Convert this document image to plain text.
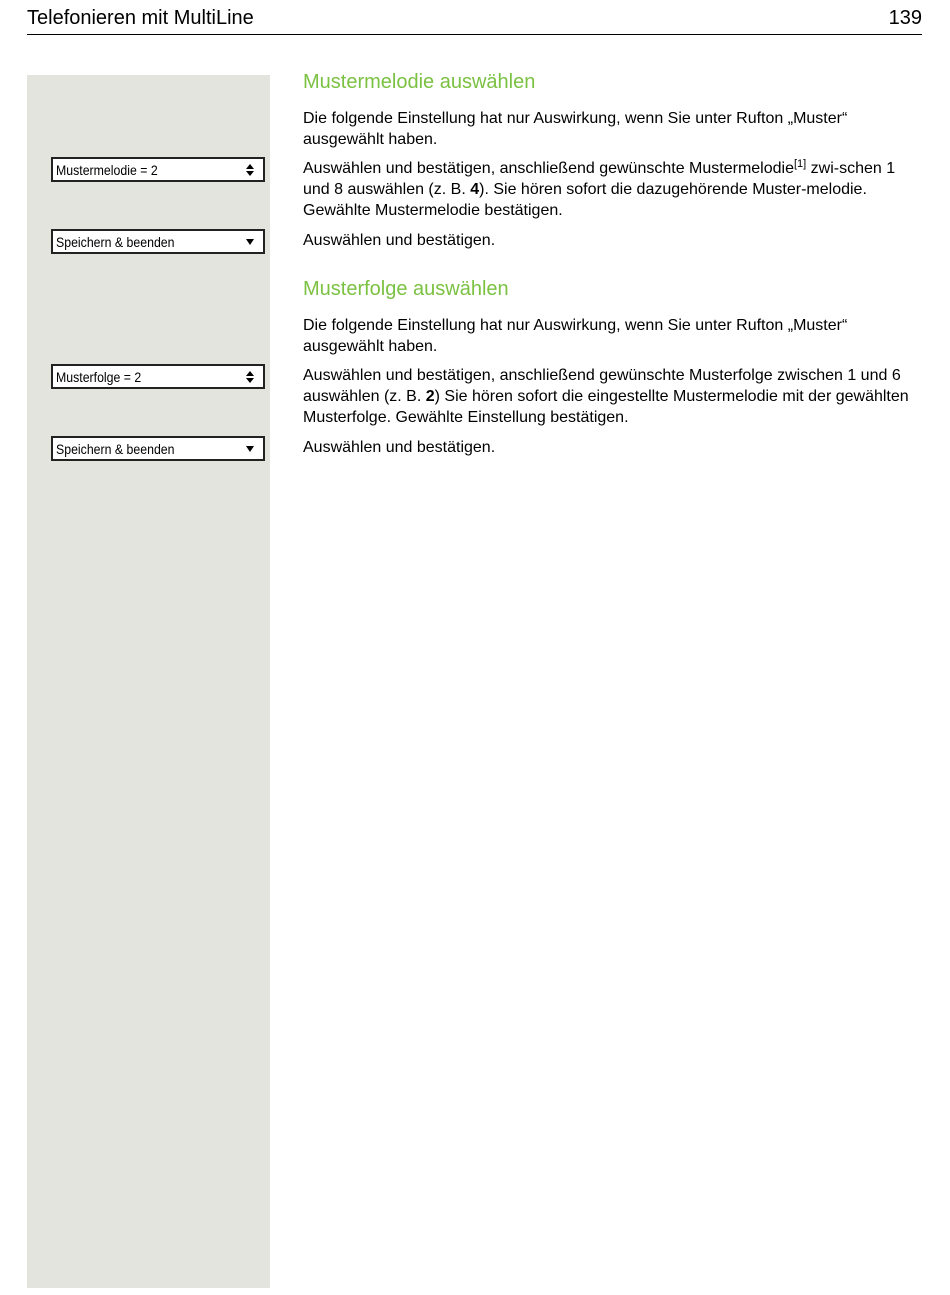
Telefonieren mit MultiLine	139
Mustermelodie = 2
Speichern & beenden
Musterfolge = 2
Speichern & beenden
Mustermelodie auswählen

Die folgende Einstellung hat nur Auswirkung, wenn Sie unter Rufton „Muster“ ausgewählt haben.

Auswählen und bestätigen, anschließend gewünschte Mustermelodie[1] zwi-schen 1 und 8 auswählen (z. B. 4). Sie hören sofort die dazugehörende Muster-melodie. Gewählte Mustermelodie bestätigen.

Auswählen und bestätigen.

Musterfolge auswählen

Die folgende Einstellung hat nur Auswirkung, wenn Sie unter Rufton „Muster“ ausgewählt haben.

Auswählen und bestätigen, anschließend gewünschte Musterfolge zwischen 1 und 6 auswählen (z. B. 2) Sie hören sofort die eingestellte Mustermelodie mit der gewählten Musterfolge. Gewählte Einstellung bestätigen.

Auswählen und bestätigen.
